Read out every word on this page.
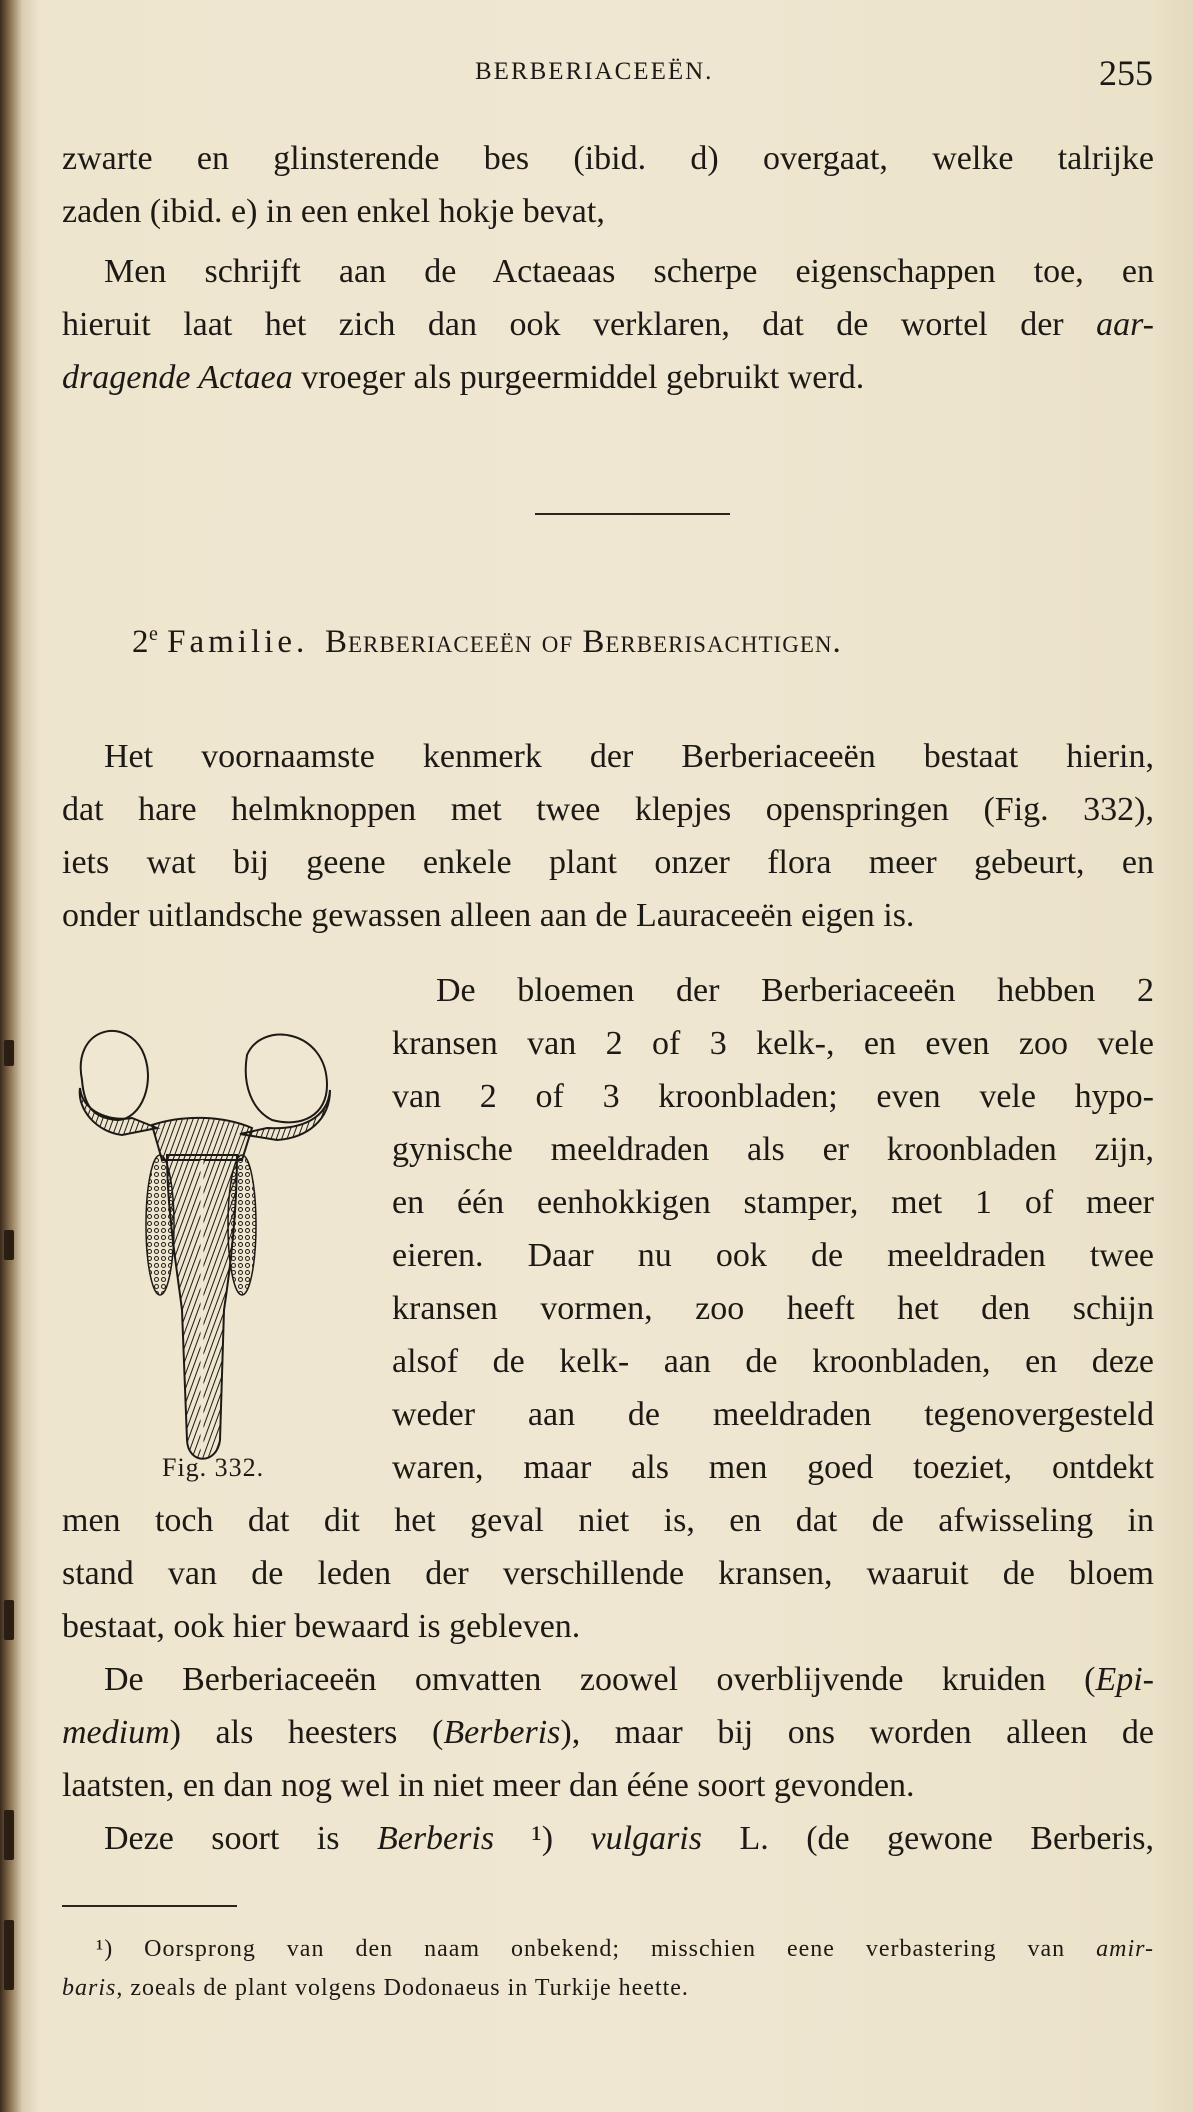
BERBERIACEEËN.	255
zwarte en glinsterende bes (ibid. d) overgaat, welke talrijke
zaden (ibid. e) in een enkel hokje bevat,
Men schrijft aan de Actaeaas scherpe eigenschappen toe, en
hieruit laat het zich dan ook verklaren, dat de wortel der aar-
dragende Actaea vroeger als purgeermiddel gebruikt werd.
2e Familie. Berberiaceeën of Berberisachtigen.
Het voornaamste kenmerk der Berberiaceeën bestaat hierin,
dat hare helmknoppen met twee klepjes openspringen (Fig. 332),
iets wat bij geene enkele plant onzer flora meer gebeurt, en
onder uitlandsche gewassen alleen aan de Lauraceeën eigen is.
Fig. 332.
De bloemen der Berberiaceeën hebben 2
kransen van 2 of 3 kelk-, en even zoo vele
van 2 of 3 kroonbladen; even vele hypo-
gynische meeldraden als er kroonbladen zijn,
en één eenhokkigen stamper, met 1 of meer
eieren. Daar nu ook de meeldraden twee
kransen vormen, zoo heeft het den schijn
alsof de kelk- aan de kroonbladen, en deze
weder aan de meeldraden tegenovergesteld
waren, maar als men goed toeziet, ontdekt
men toch dat dit het geval niet is, en dat de afwisseling in
stand van de leden der verschillende kransen, waaruit de bloem
bestaat, ook hier bewaard is gebleven.
De Berberiaceeën omvatten zoowel overblijvende kruiden (Epi-
medium) als heesters (Berberis), maar bij ons worden alleen de
laatsten, en dan nog wel in niet meer dan ééne soort gevonden.
Deze soort is Berberis ¹) vulgaris L. (de gewone Berberis,
¹) Oorsprong van den naam onbekend; misschien eene verbastering van amir-
baris, zoeals de plant volgens Dodonaeus in Turkije heette.
